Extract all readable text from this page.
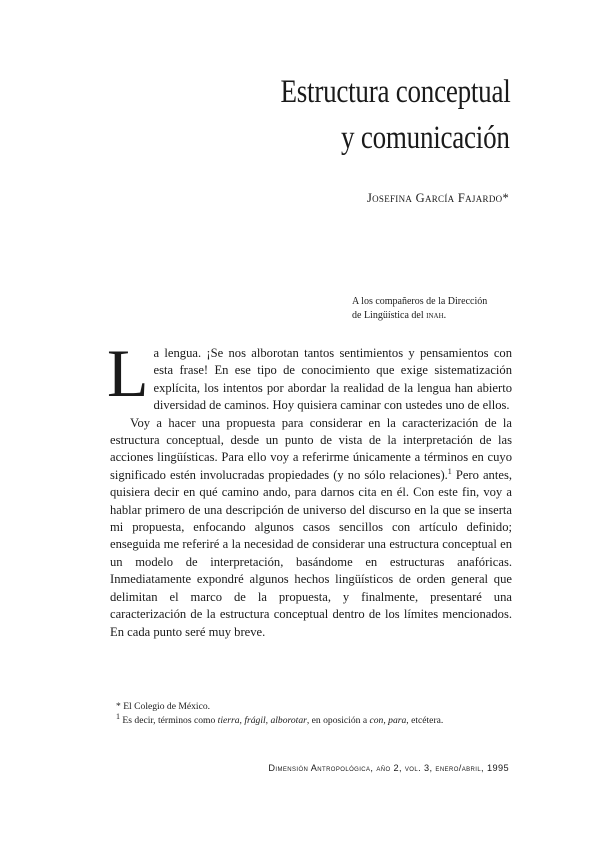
Estructura conceptual
y comunicación
Josefina García Fajardo*
A los compañeros de la Dirección
de Lingüística del inah.

La lengua. ¡Se nos alborotan tantos sentimientos y pensamientos con esta frase! En ese tipo de conocimiento que exige sistematización explícita, los intentos por abordar la realidad de la lengua han abierto diversidad de caminos. Hoy quisiera caminar con ustedes uno de ellos.

Voy a hacer una propuesta para considerar en la caracterización de la estructura conceptual, desde un punto de vista de la interpretación de las acciones lingüísticas. Para ello voy a referirme únicamente a términos en cuyo significado estén involucradas propiedades (y no sólo relaciones).$^1$ Pero antes, quisiera decir en qué camino ando, para darnos cita en él. Con este fin, voy a hablar primero de una descripción de universo del discurso en la que se inserta mi propuesta, enfocando algunos casos sencillos con artículo definido; enseguida me referiré a la necesidad de considerar una estructura conceptual en un modelo de interpretación, basándome en estructuras anafóricas. Inmediatamente expondré algunos hechos lingüísticos de orden general que delimitan el marco de la propuesta, y finalmente, presentaré una caracterización de la estructura conceptual dentro de los límites mencionados. En cada punto seré muy breve.

* El Colegio de México.
$^1$ Es decir, términos como tierra, frágil, alborotar, en oposición a con, para, etcétera.
Dimensión Antropológica, año 2, vol. 3, enero/abril, 1995
